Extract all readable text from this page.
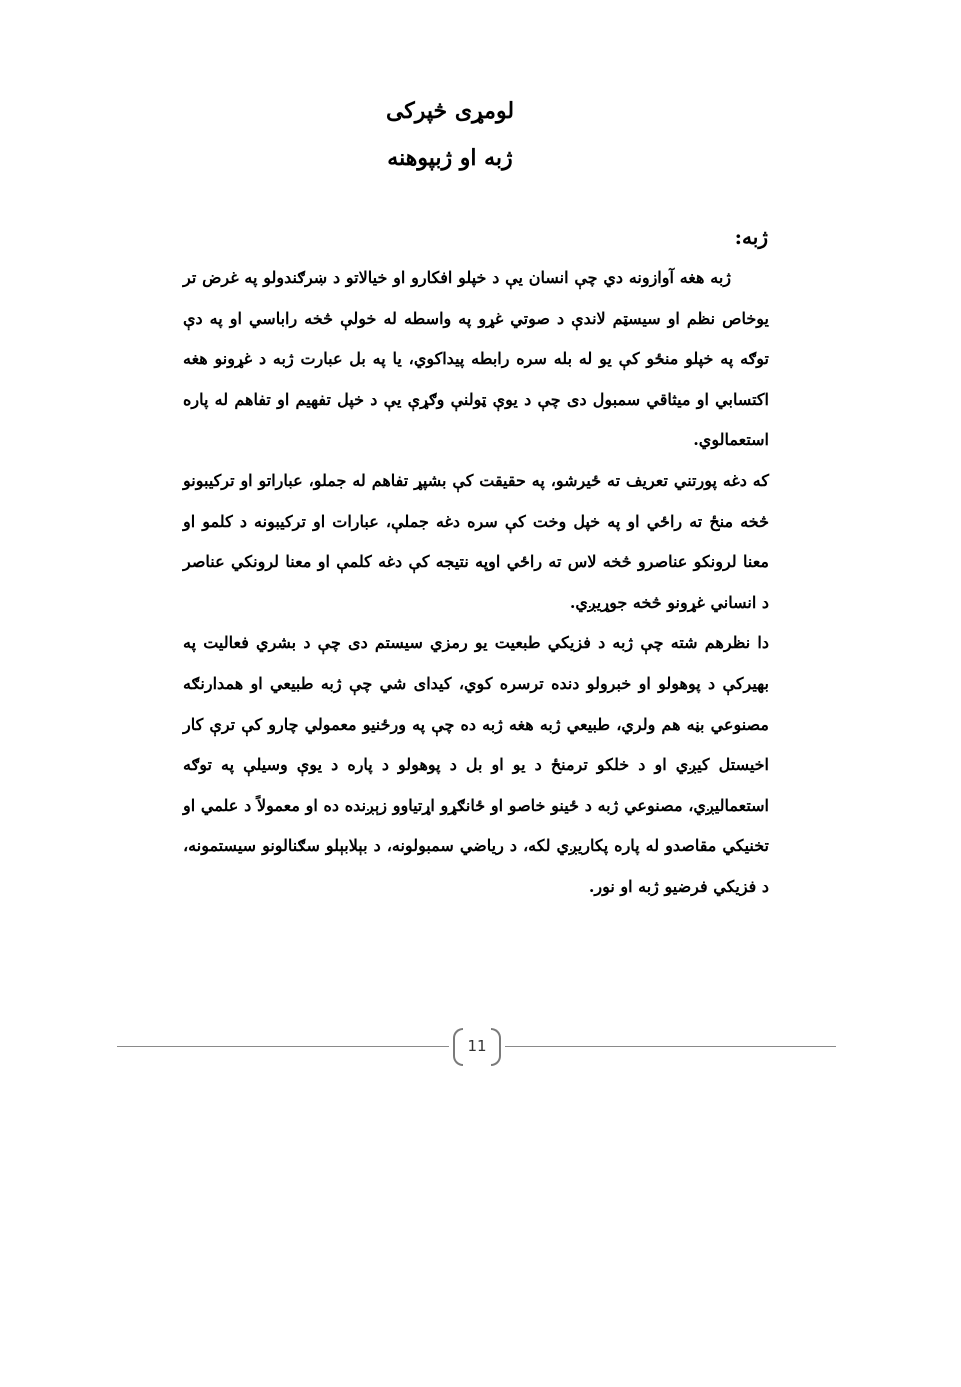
لومړی څپرکی
ژبه او ژبپوهنه
ژبه:

ژبه هغه آوازونه دي چې انسان يې د خپلو افکارو او خيالاتو د ښرګندولو په غرض تر يوخاص نظم او سيسټم لاندې د صوتي غړو په واسطه له خولې څخه راباسي او په دې توګه په خپلو منځو کې يو له بله سره رابطه پيداکوي، يا په بل عبارت ژبه د غړونو هغه اکتسابي او ميثاقي سمبول دی چې د يوې ټولنې وګړې يې د خپل تفهيم او تفاهم له پاره استعمالوي.

که دغه پورتني تعريف ته ځيرشو، په حقيقت کې بشپړ تفاهم له جملو، عباراتو او ترکيبونو څخه منځ ته راځي او په خپل وخت کې سره دغه جملې، عبارات او ترکيبونه د کلمو او معنا لرونکو عناصرو څخه لاس ته راځي اوپه نتيجه کې دغه کلمې او معنا لرونکي عناصر د انساني غړونو څخه جوړيږي.

دا نظرهم شته چې ژبه د فزيکي طبعيت يو رمزي سيستم دی چې د بشري فعاليت په بهيرکې د پوهولو او خبرولو دنده ترسره کوي، کيدای شي چې ژبه طبيعي او همدارنګه مصنوعي بڼه هم ولري، طبيعي ژبه هغه ژبه ده چې په ورځنيو معمولي چارو کې ترې کار اخيستل کيږي او د خلکو ترمنځ د يو او بل د پوهولو د پاره د يوې وسيلې په توګه استعماليږي، مصنوعي ژبه د ځينو خاصو او ځانګړو اړتياوو زېږنده ده او معمولاً د علمي او تخنيکي مقاصدو له پاره پکاريږي لکه، د رياضي سمبولونه، د بېلابېلو سګنالونو سيستمونه، د فزيکي فرضيو ژبه او نور.

11
